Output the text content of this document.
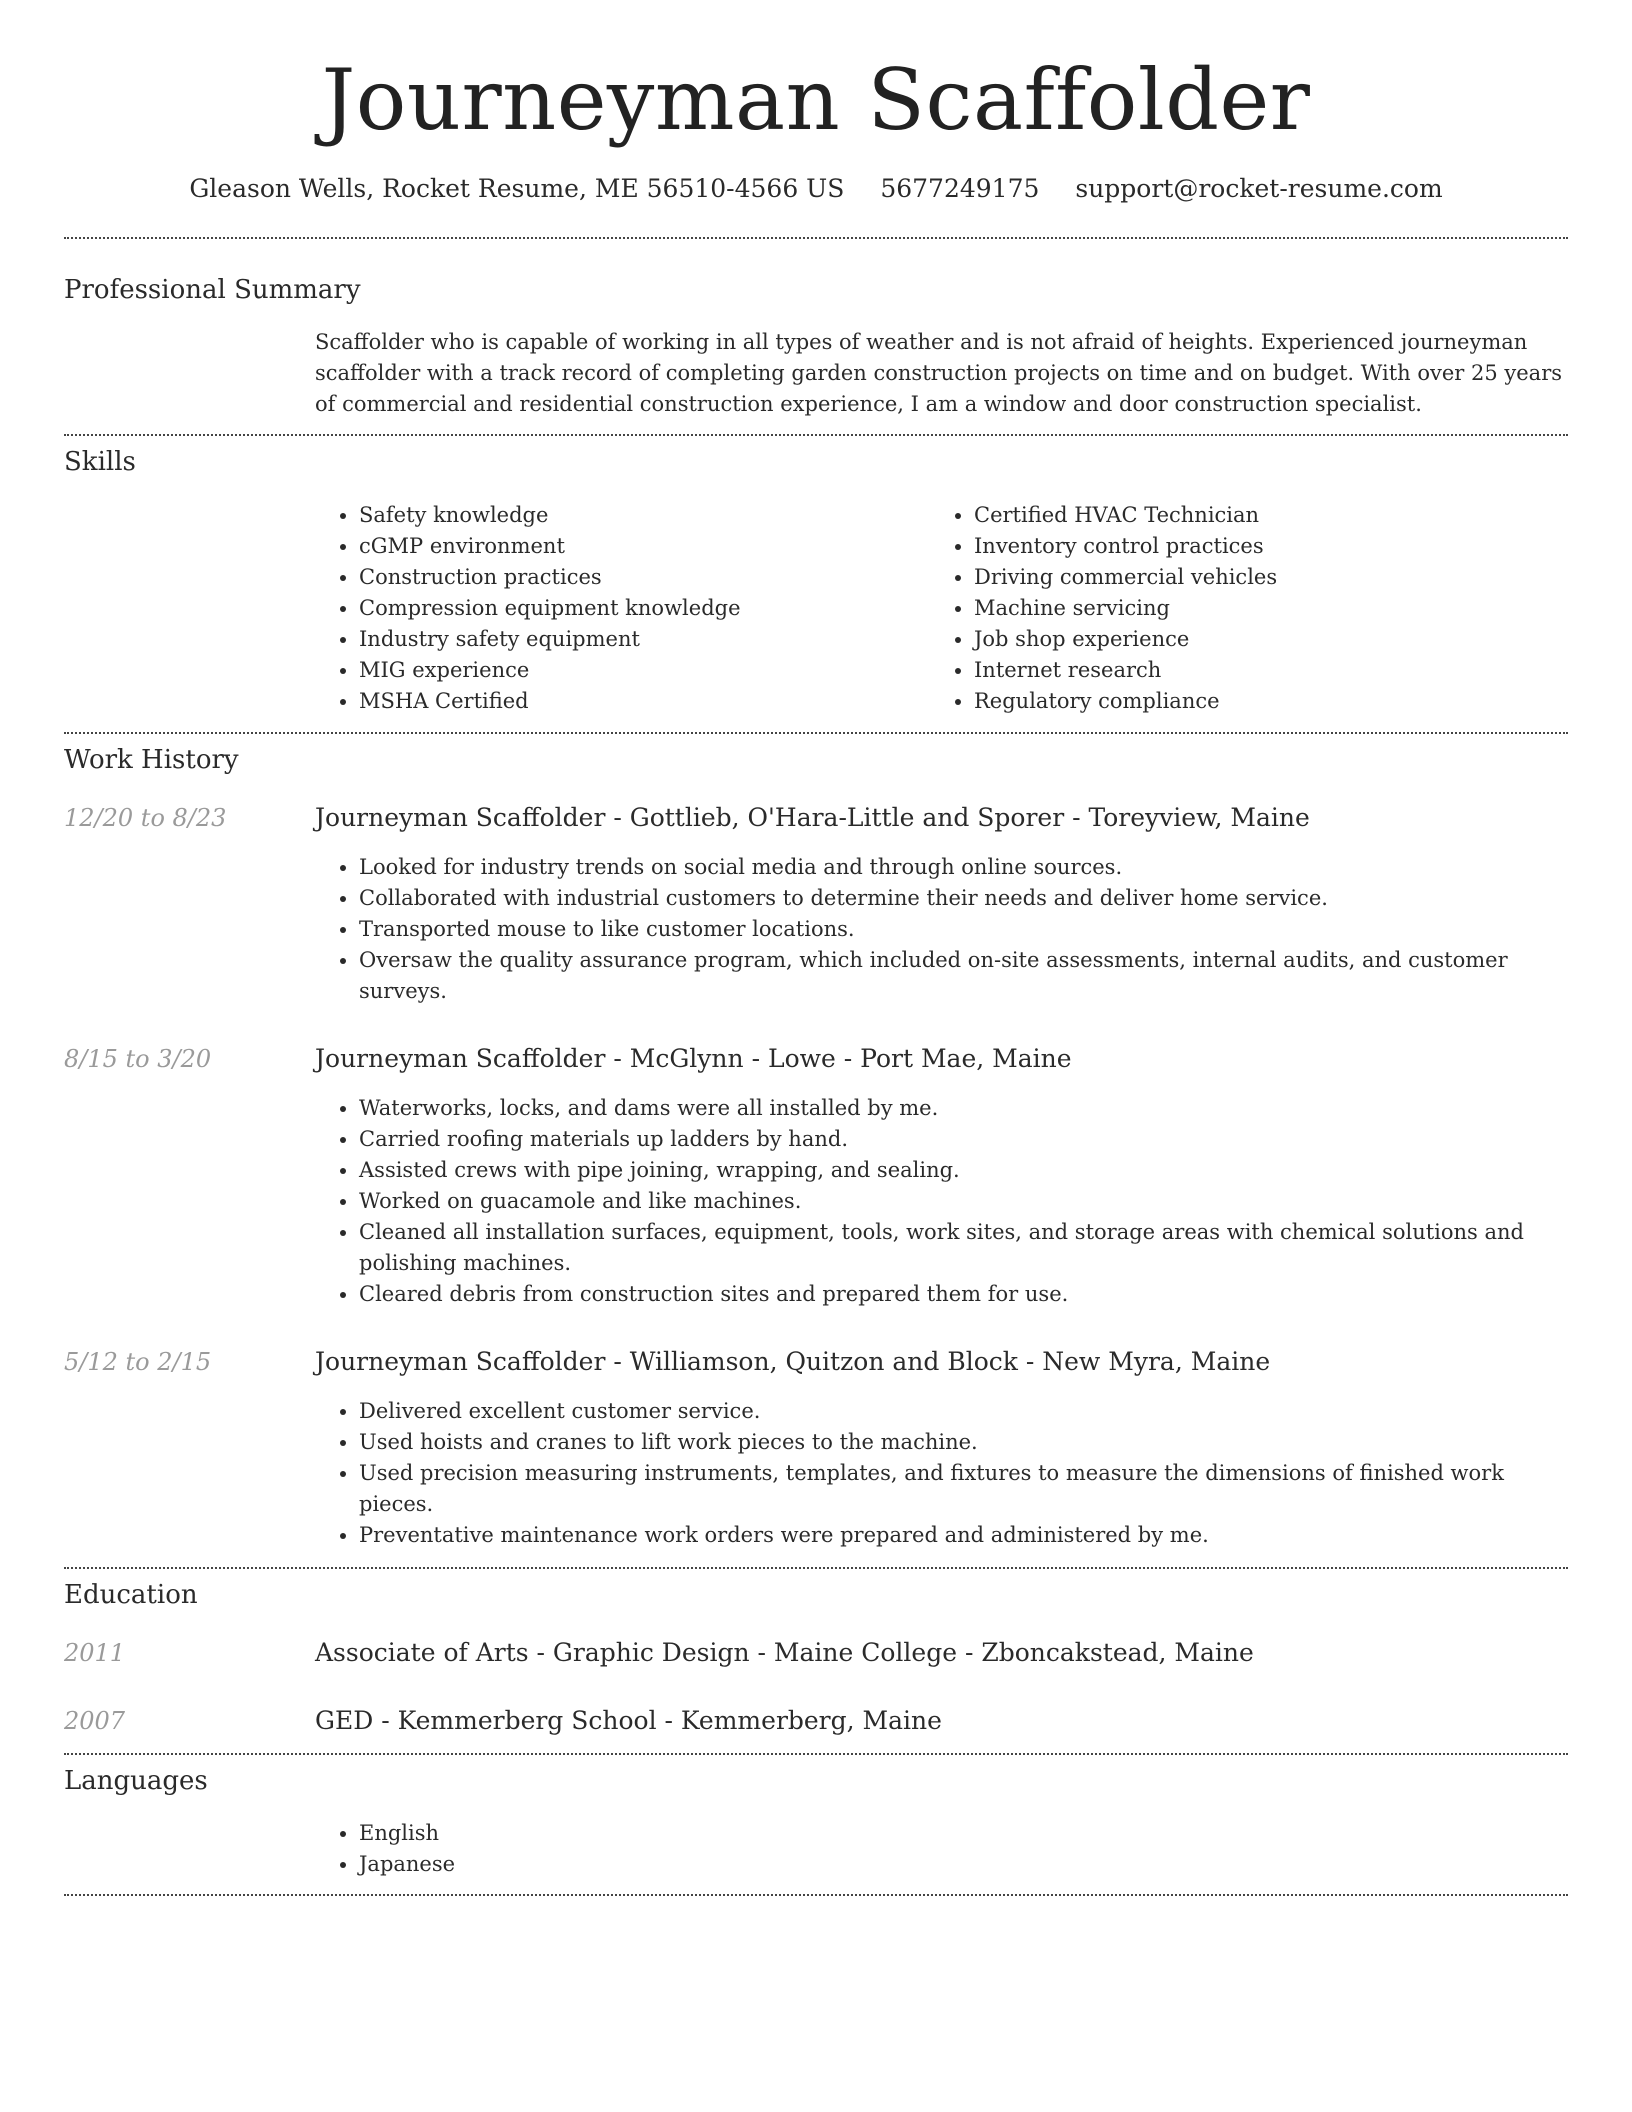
Journeyman Scaffolder
Gleason Wells, Rocket Resume, ME 56510-4566 US 5677249175 support@rocket-resume.com
Professional Summary
Scaffolder who is capable of working in all types of weather and is not afraid of heights. Experienced journeyman scaffolder with a track record of completing garden construction projects on time and on budget. With over 25 years of commercial and residential construction experience, I am a window and door construction specialist.
Skills
• Safety knowledge
• cGMP environment
• Construction practices
• Compression equipment knowledge
• Industry safety equipment
• MIG experience
• MSHA Certified
• Certified HVAC Technician
• Inventory control practices
• Driving commercial vehicles
• Machine servicing
• Job shop experience
• Internet research
• Regulatory compliance
Work History
12/20 to 8/23	Journeyman Scaffolder - Gottlieb, O'Hara-Little and Sporer - Toreyview, Maine
• Looked for industry trends on social media and through online sources.
• Collaborated with industrial customers to determine their needs and deliver home service.
• Transported mouse to like customer locations.
• Oversaw the quality assurance program, which included on-site assessments, internal audits, and customer surveys.
8/15 to 3/20	Journeyman Scaffolder - McGlynn - Lowe - Port Mae, Maine
• Waterworks, locks, and dams were all installed by me.
• Carried roofing materials up ladders by hand.
• Assisted crews with pipe joining, wrapping, and sealing.
• Worked on guacamole and like machines.
• Cleaned all installation surfaces, equipment, tools, work sites, and storage areas with chemical solutions and polishing machines.
• Cleared debris from construction sites and prepared them for use.
5/12 to 2/15	Journeyman Scaffolder - Williamson, Quitzon and Block - New Myra, Maine
• Delivered excellent customer service.
• Used hoists and cranes to lift work pieces to the machine.
• Used precision measuring instruments, templates, and fixtures to measure the dimensions of finished work pieces.
• Preventative maintenance work orders were prepared and administered by me.
Education
2011	Associate of Arts - Graphic Design - Maine College - Zboncakstead, Maine
2007	GED - Kemmerberg School - Kemmerberg, Maine
Languages
• English
• Japanese
